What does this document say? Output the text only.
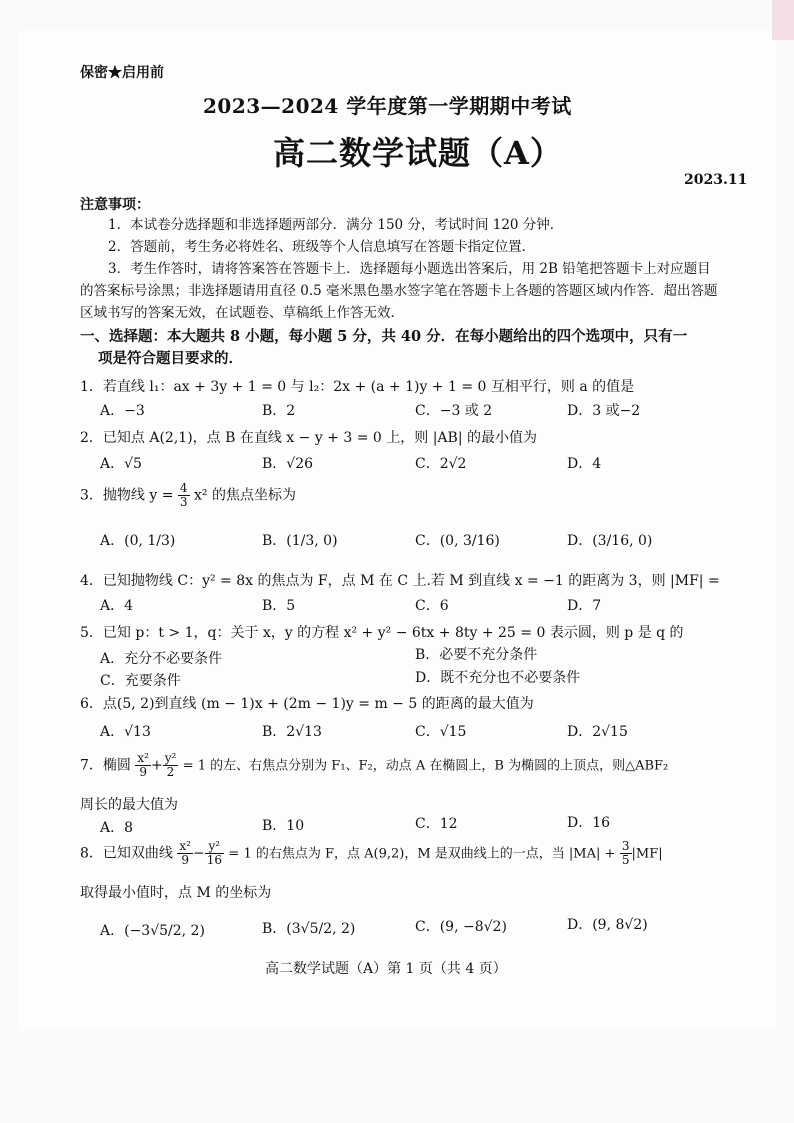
保密★启用前
2023—2024 学年度第一学期期中考试
高二数学试题（A）
2023.11
注意事项：
1．本试卷分选择题和非选择题两部分．满分 150 分，考试时间 120 分钟．
2．答题前，考生务必将姓名、班级等个人信息填写在答题卡指定位置．
3．考生作答时，请将答案答在答题卡上．选择题每小题选出答案后，用 2B 铅笔把答题卡上对应题目的答案标号涂黑；非选择题请用直径 0.5 毫米黑色墨水签字笔在答题卡上各题的答题区域内作答．超出答题区域书写的答案无效，在试题卷、草稿纸上作答无效．
一、选择题：本大题共 8 小题，每小题 5 分，共 40 分．在每小题给出的四个选项中，只有一
项是符合题目要求的．
1．若直线 l₁：ax + 3y + 1 = 0 与 l₂：2x + (a + 1)y + 1 = 0 互相平行，则 a 的值是
A．−3	B．2	C．−3 或 2	D．3 或−2
2．已知点 A(2,1)，点 B 在直线 x − y + 3 = 0 上，则 |AB| 的最小值为
A．√5	B．√26	C．2√2	D．4
3．抛物线 $y = \frac{4}{3} x^2$ 的焦点坐标为
A．(0, 1/3)	B．(1/3, 0)	C．(0, 3/16)	D．(3/16, 0)
4．已知抛物线 C：y² = 8x 的焦点为 F，点 M 在 C 上.若 M 到直线 x = −1 的距离为 3，则 |MF| =
A．4	B．5	C．6	D．7
5．已知 p：t > 1，q：关于 x，y 的方程 x² + y² − 6tx + 8ty + 25 = 0 表示圆，则 p 是 q 的
A．充分不必要条件	B．必要不充分条件
C．充要条件	D．既不充分也不必要条件
6．点(5, 2)到直线 (m − 1)x + (2m − 1)y = m − 5 的距离的最大值为
A．√13	B．2√13	C．√15	D．2√15
7．椭圆 $\frac{\text{x²}}{9} + \frac{\text{y²}}{2} = 1$ 的左、右焦点分别为 F₁、F₂，动点 A 在椭圆上，B 为椭圆的上顶点，则△ABF₂
周长的最大值为
A．8	B．10	C．12	D．16
8．已知双曲线 $\frac{\text{x²}}{9} - \frac{\text{y²}}{16} = 1$ 的右焦点为 F，点 A(9,2)，M 是双曲线上的一点，当 $|MA| + \frac{3}{5} |MF|$
取得最小值时，点 M 的坐标为
A．(−3√5/2, 2)	B．(3√5/2, 2)	C．(9, −8√2)	D．(9, 8√2)
高二数学试题（A）第 1 页（共 4 页）
